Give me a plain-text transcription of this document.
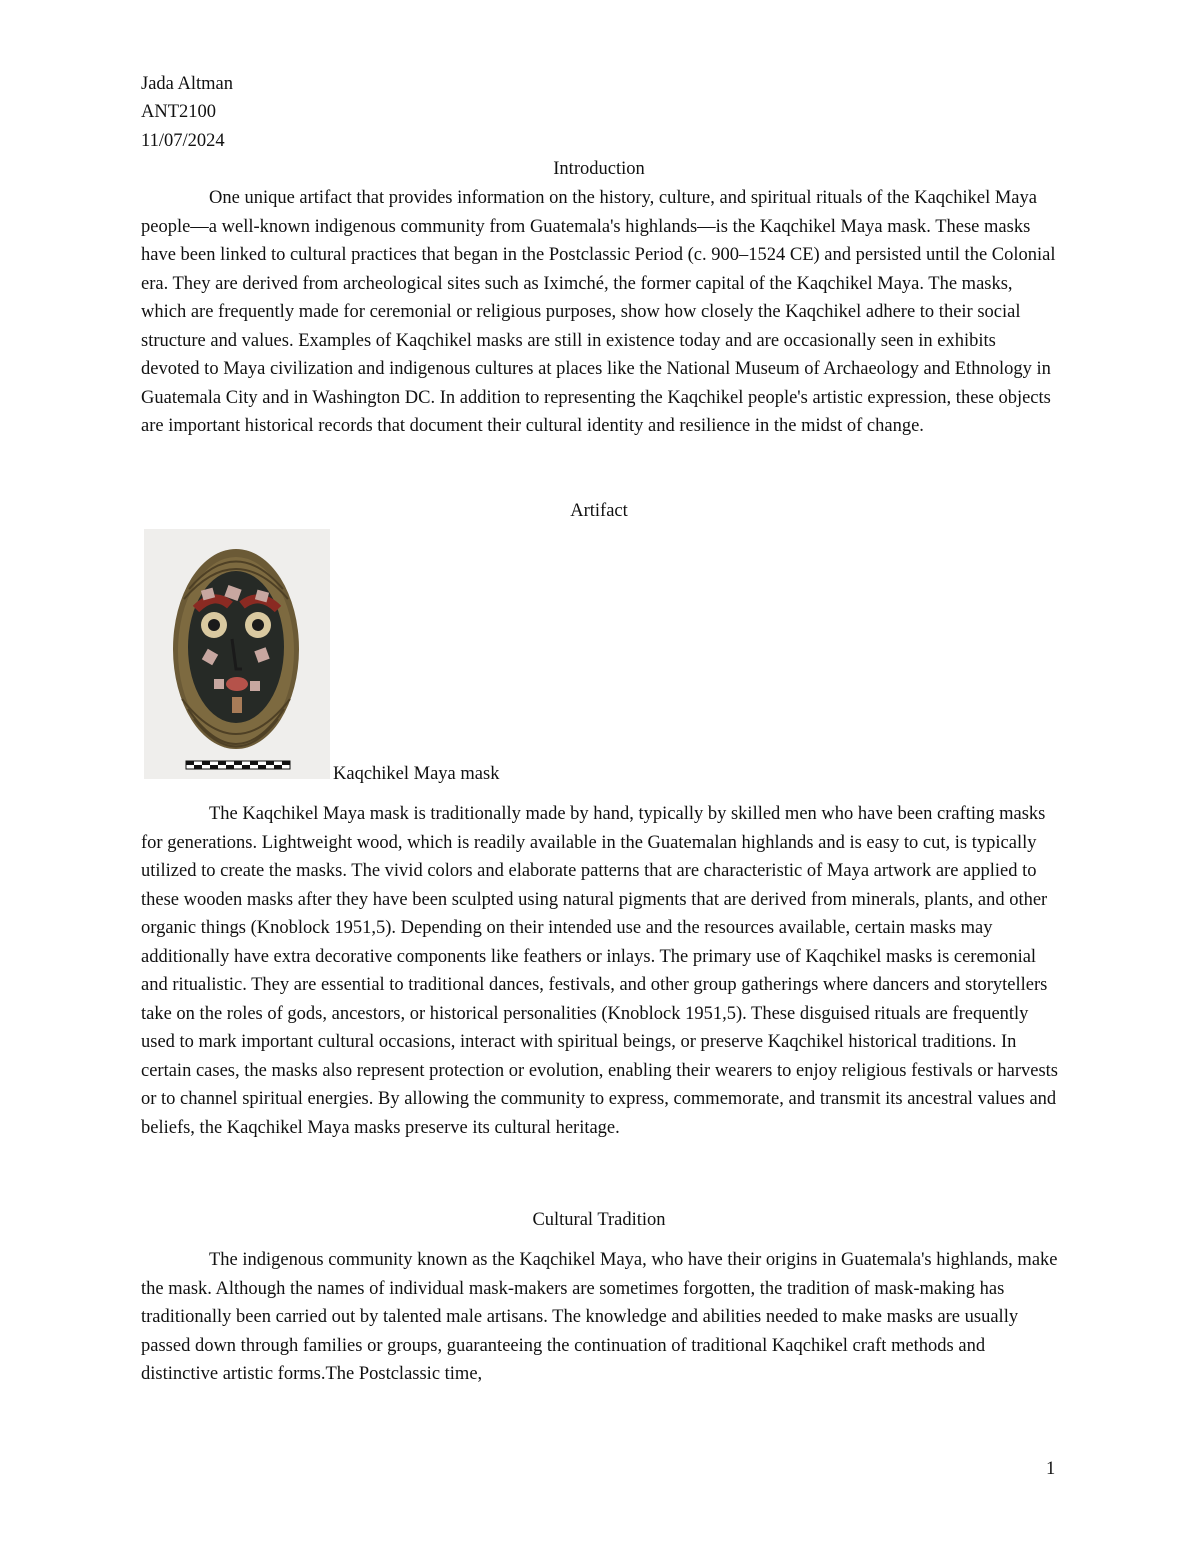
Jada Altman
ANT2100
11/07/2024
Introduction

One unique artifact that provides information on the history, culture, and spiritual rituals of the Kaqchikel Maya people—a well-known indigenous community from Guatemala's highlands—is the Kaqchikel Maya mask. These masks have been linked to cultural practices that began in the Postclassic Period (c. 900–1524 CE) and persisted until the Colonial era. They are derived from archeological sites such as Iximché, the former capital of the Kaqchikel Maya. The masks, which are frequently made for ceremonial or religious purposes, show how closely the Kaqchikel adhere to their social structure and values. Examples of Kaqchikel masks are still in existence today and are occasionally seen in exhibits devoted to Maya civilization and indigenous cultures at places like the National Museum of Archaeology and Ethnology in Guatemala City and in Washington DC. In addition to representing the Kaqchikel people's artistic expression, these objects are important historical records that document their cultural identity and resilience in the midst of change.

Artifact
Kaqchikel Maya mask

The Kaqchikel Maya mask is traditionally made by hand, typically by skilled men who have been crafting masks for generations. Lightweight wood, which is readily available in the Guatemalan highlands and is easy to cut, is typically utilized to create the masks. The vivid colors and elaborate patterns that are characteristic of Maya artwork are applied to these wooden masks after they have been sculpted using natural pigments that are derived from minerals, plants, and other organic things (Knoblock 1951,5). Depending on their intended use and the resources available, certain masks may additionally have extra decorative components like feathers or inlays. The primary use of Kaqchikel masks is ceremonial and ritualistic. They are essential to traditional dances, festivals, and other group gatherings where dancers and storytellers take on the roles of gods, ancestors, or historical personalities (Knoblock 1951,5). These disguised rituals are frequently used to mark important cultural occasions, interact with spiritual beings, or preserve Kaqchikel historical traditions. In certain cases, the masks also represent protection or evolution, enabling their wearers to enjoy religious festivals or harvests or to channel spiritual energies. By allowing the community to express, commemorate, and transmit its ancestral values and beliefs, the Kaqchikel Maya masks preserve its cultural heritage.

Cultural Tradition

The indigenous community known as the Kaqchikel Maya, who have their origins in Guatemala's highlands, make the mask. Although the names of individual mask-makers are sometimes forgotten, the tradition of mask-making has traditionally been carried out by talented male artisans. The knowledge and abilities needed to make masks are usually passed down through families or groups, guaranteeing the continuation of traditional Kaqchikel craft methods and distinctive artistic forms.The Postclassic time,

1
